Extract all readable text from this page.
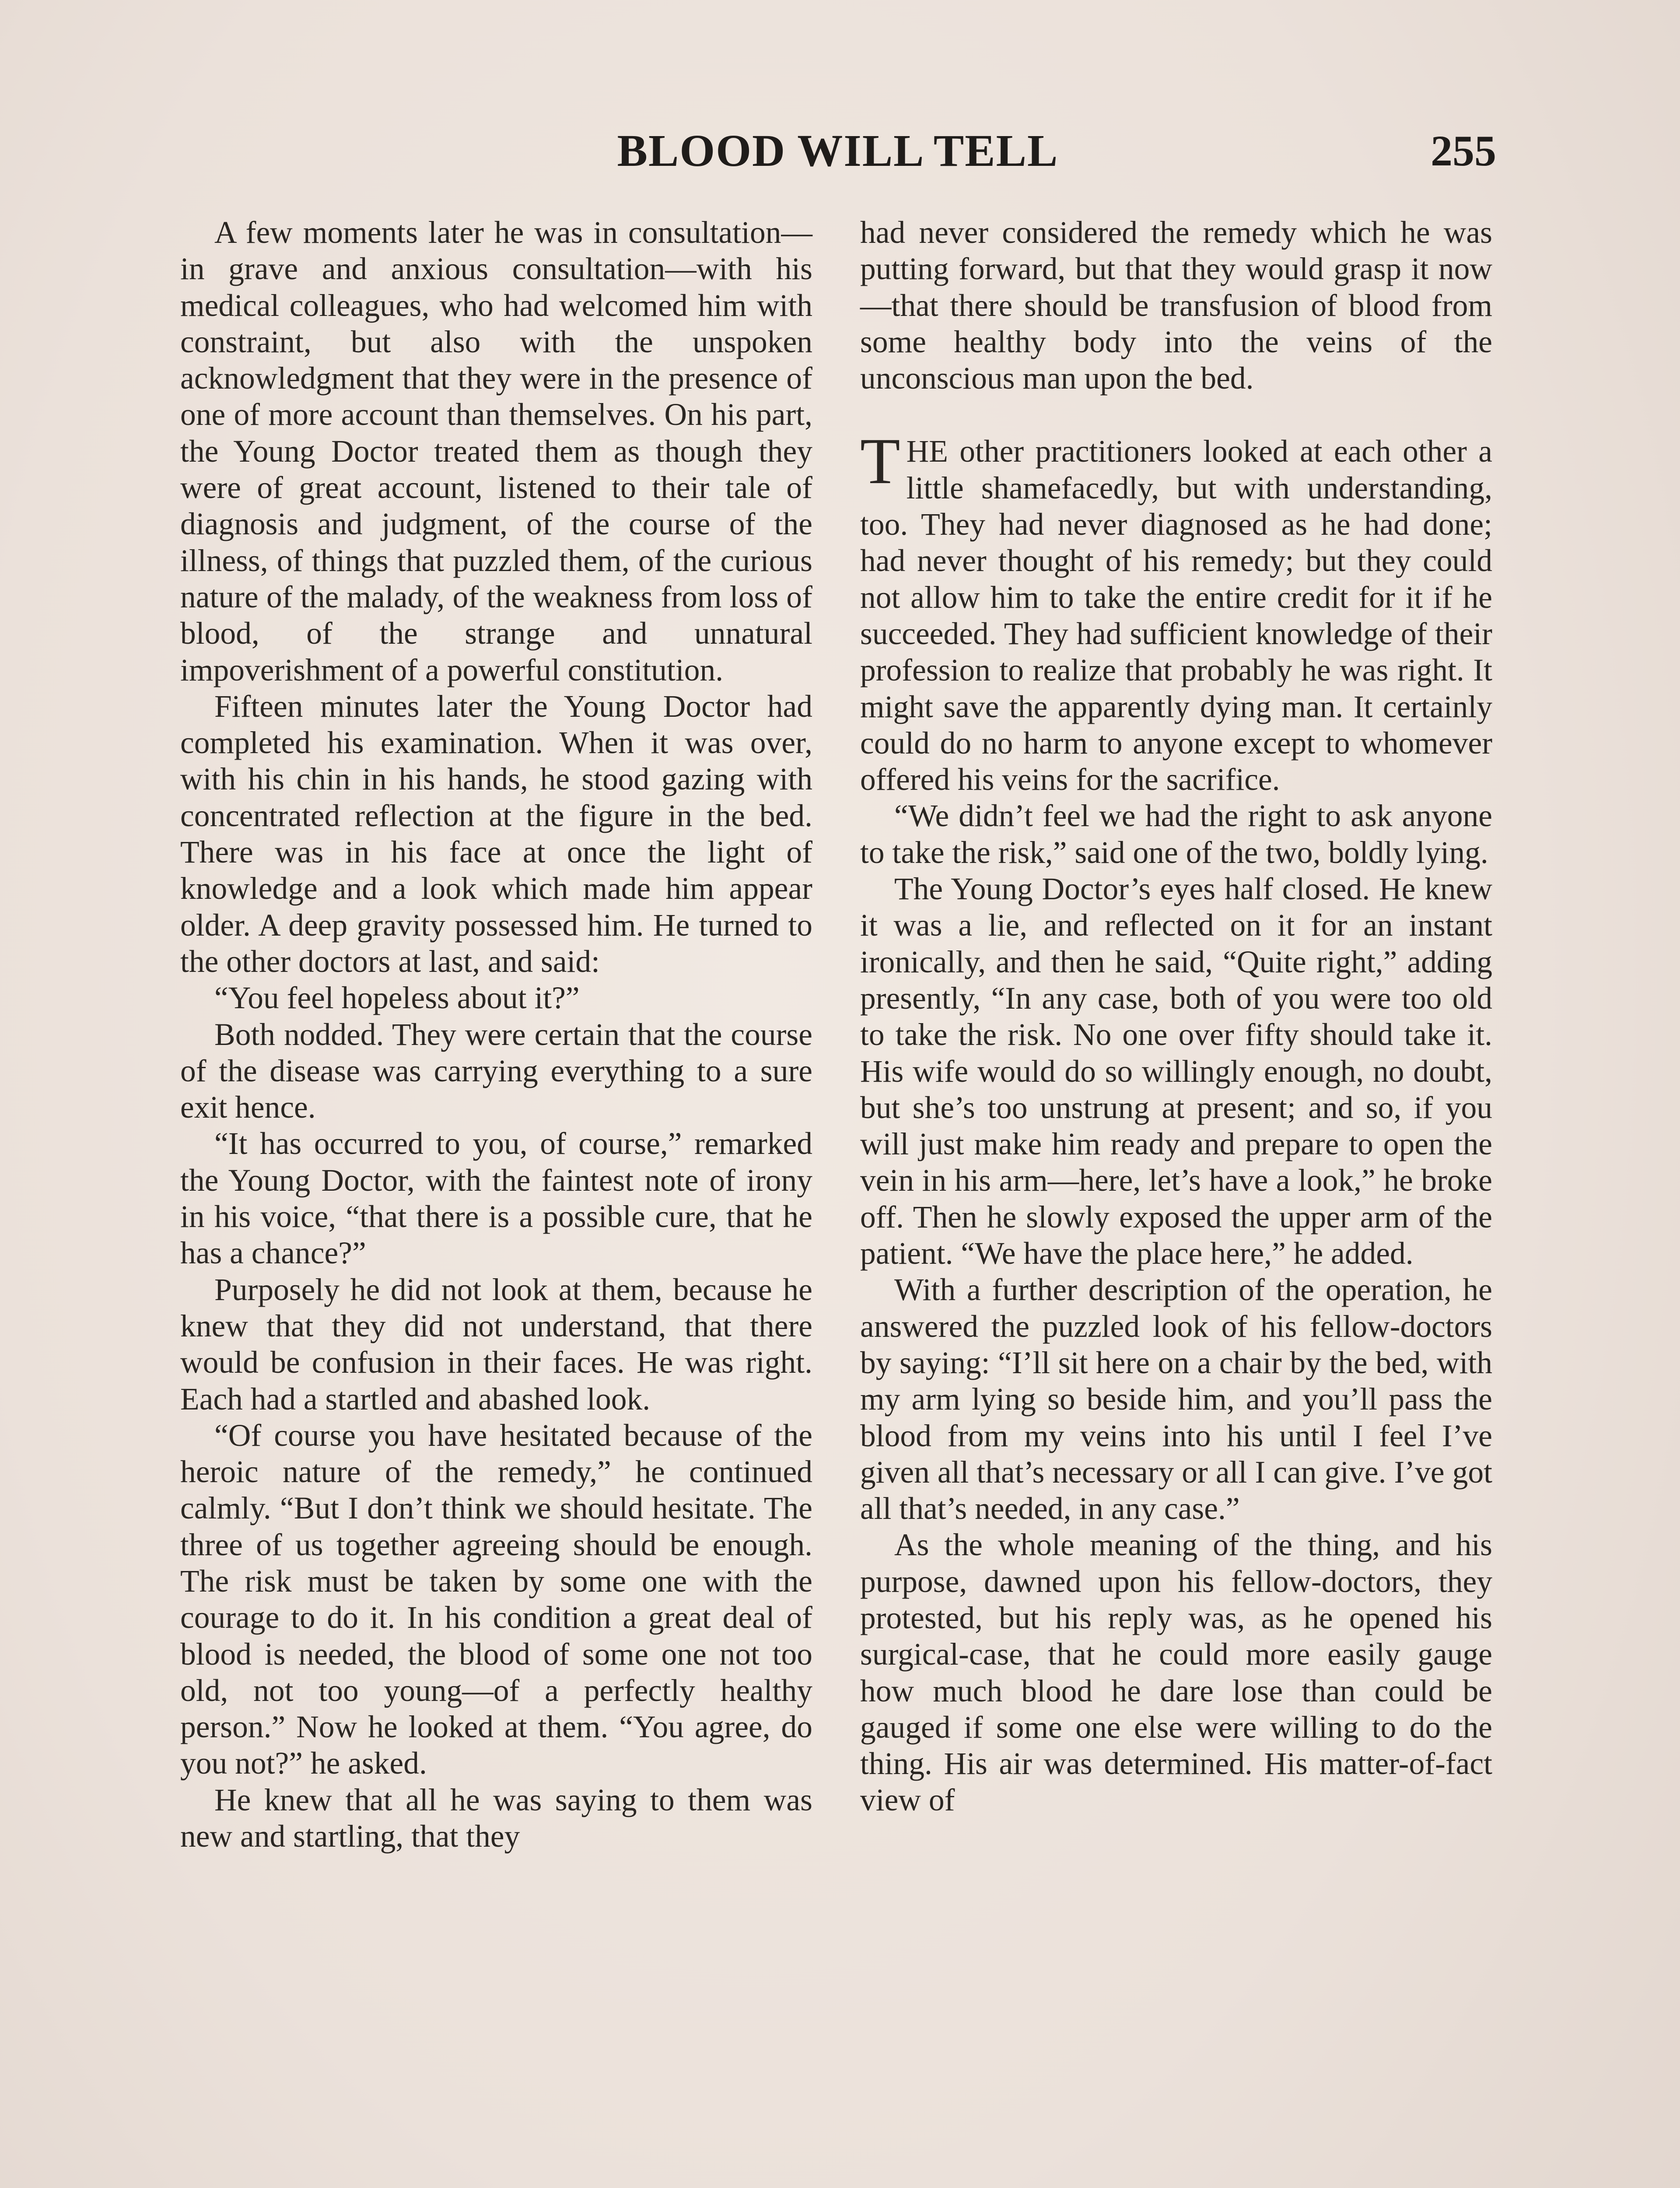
BLOOD WILL TELL	255

A few moments later he was in consultation—in grave and anxious consultation—with his medical colleagues, who had welcomed him with constraint, but also with the unspoken acknowledgment that they were in the presence of one of more account than themselves. On his part, the Young Doctor treated them as though they were of great account, listened to their tale of diagnosis and judgment, of the course of the illness, of things that puzzled them, of the curious nature of the malady, of the weakness from loss of blood, of the strange and unnatural impoverishment of a powerful constitution.

Fifteen minutes later the Young Doctor had completed his examination. When it was over, with his chin in his hands, he stood gazing with concentrated reflection at the figure in the bed. There was in his face at once the light of knowledge and a look which made him appear older. A deep gravity possessed him. He turned to the other doctors at last, and said:

“You feel hopeless about it?”

Both nodded. They were certain that the course of the disease was carrying everything to a sure exit hence.

“It has occurred to you, of course,” remarked the Young Doctor, with the faintest note of irony in his voice, “that there is a possible cure, that he has a chance?”

Purposely he did not look at them, because he knew that they did not understand, that there would be confusion in their faces. He was right. Each had a startled and abashed look.

“Of course you have hesitated because of the heroic nature of the remedy,” he continued calmly. “But I don’t think we should hesitate. The three of us together agreeing should be enough. The risk must be taken by some one with the courage to do it. In his condition a great deal of blood is needed, the blood of some one not too old, not too young—of a perfectly healthy person.” Now he looked at them. “You agree, do you not?” he asked.

He knew that all he was saying to them was new and startling, that they

had never considered the remedy which he was putting forward, but that they would grasp it now—that there should be transfusion of blood from some healthy body into the veins of the unconscious man upon the bed.

THE other practitioners looked at each other a little shamefacedly, but with understanding, too. They had never diagnosed as he had done; had never thought of his remedy; but they could not allow him to take the entire credit for it if he succeeded. They had sufficient knowledge of their profession to realize that probably he was right. It might save the apparently dying man. It certainly could do no harm to anyone except to whomever offered his veins for the sacrifice.

“We didn’t feel we had the right to ask anyone to take the risk,” said one of the two, boldly lying.

The Young Doctor’s eyes half closed. He knew it was a lie, and reflected on it for an instant ironically, and then he said, “Quite right,” adding presently, “In any case, both of you were too old to take the risk. No one over fifty should take it. His wife would do so willingly enough, no doubt, but she’s too unstrung at present; and so, if you will just make him ready and prepare to open the vein in his arm—here, let’s have a look,” he broke off. Then he slowly exposed the upper arm of the patient. “We have the place here,” he added.

With a further description of the operation, he answered the puzzled look of his fellow-doctors by saying: “I’ll sit here on a chair by the bed, with my arm lying so beside him, and you’ll pass the blood from my veins into his until I feel I’ve given all that’s necessary or all I can give. I’ve got all that’s needed, in any case.”

As the whole meaning of the thing, and his purpose, dawned upon his fellow-doctors, they protested, but his reply was, as he opened his surgical-case, that he could more easily gauge how much blood he dare lose than could be gauged if some one else were willing to do the thing. His air was determined. His matter-of-fact view of
